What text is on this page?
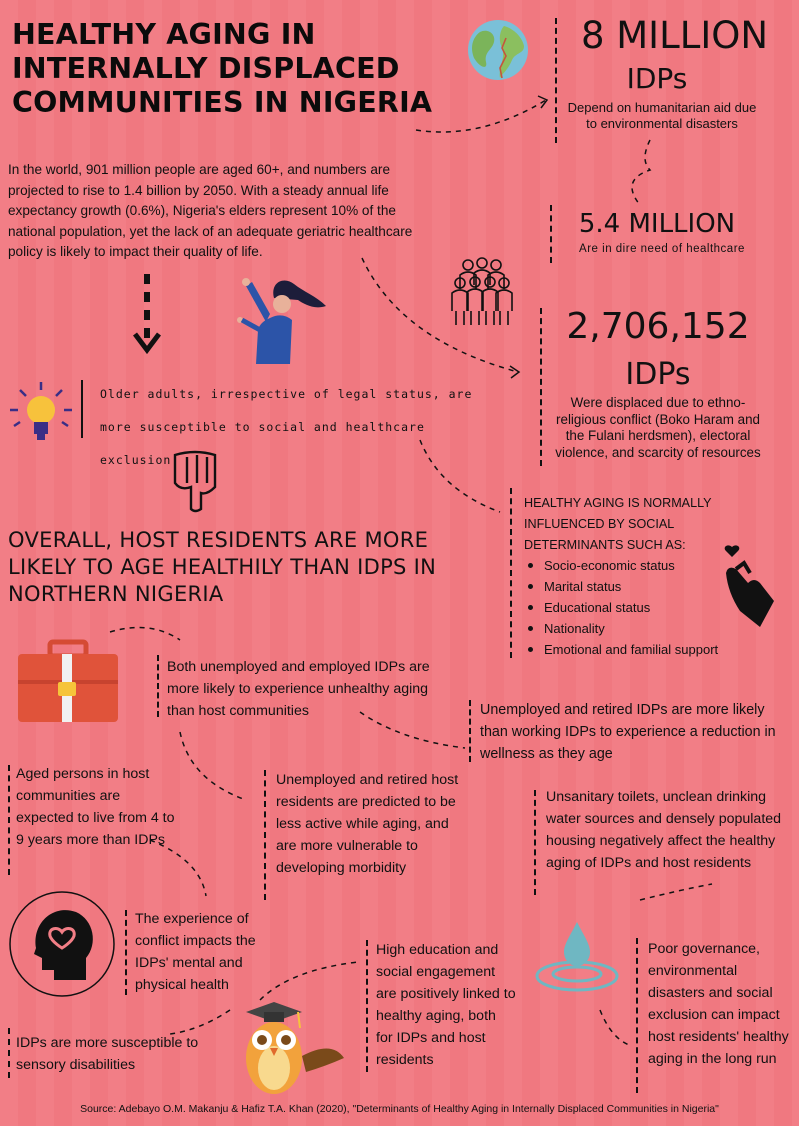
HEALTHY AGING IN INTERNALLY DISPLACED COMMUNITIES IN NIGERIA
In the world, 901 million people are aged 60+, and numbers are projected to rise to 1.4 billion by 2050. With a steady annual life expectancy growth (0.6%), Nigeria's elders represent 10% of the national population, yet the lack of an adequate geriatric healthcare policy is likely to impact their quality of life.
8 MILLION
IDPs
Depend on humanitarian aid due to environmental disasters
5.4 MILLION
Are in dire need of healthcare
2,706,152
IDPs
Were displaced due to ethno-religious conflict (Boko Haram and the Fulani herdsmen), electoral violence, and scarcity of resources
Older adults, irrespective of legal status, are more susceptible to social and healthcare exclusion!
HEALTHY AGING IS NORMALLY INFLUENCED BY SOCIAL DETERMINANTS SUCH AS:
Socio-economic status
Marital status
Educational status
Nationality
Emotional and familial support
OVERALL, HOST RESIDENTS ARE MORE LIKELY TO AGE HEALTHILY THAN IDPS IN NORTHERN NIGERIA
Both unemployed and employed IDPs are more likely to experience unhealthy aging than host communities	Unemployed and retired IDPs are more likely than working IDPs to experience a reduction in wellness as they age
Aged persons in host communities are expected to live from 4 to 9 years more than IDPs
Unemployed and retired host residents are predicted to be less active while aging, and are more vulnerable to developing morbidity
Unsanitary toilets, unclean drinking water sources and densely populated housing negatively affect the healthy aging of IDPs and host residents
The experience of conflict impacts the IDPs' mental and physical health
High education and social engagement are positively linked to healthy aging, both for IDPs and host residents
Poor governance, environmental disasters and social exclusion can impact host residents' healthy aging in the long run
IDPs are more susceptible to sensory disabilities
Source: Adebayo O.M. Makanju & Hafiz T.A. Khan (2020), "Determinants of Healthy Aging in Internally Displaced Communities in Nigeria"
